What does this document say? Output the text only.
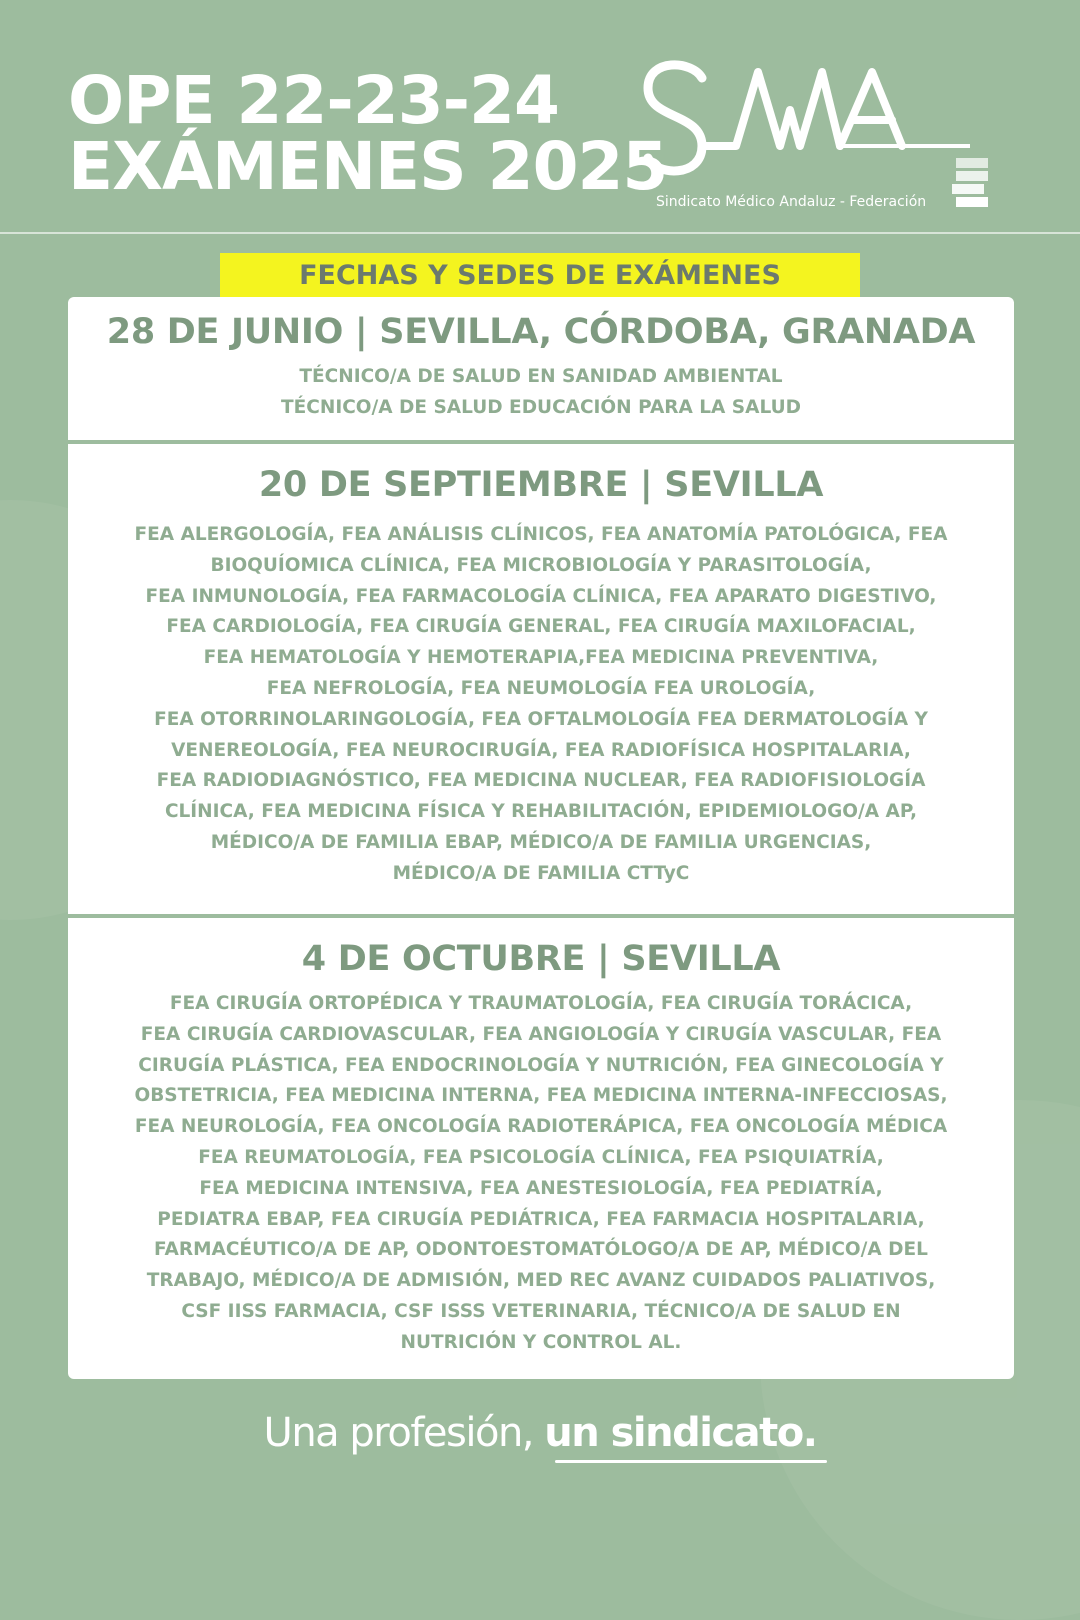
OPE 22-23-24
EXÁMENES 2025
Sindicato Médico Andaluz - Federación
FECHAS Y SEDES DE EXÁMENES
28 DE JUNIO | SEVILLA, CÓRDOBA, GRANADA

TÉCNICO/A DE SALUD EN SANIDAD AMBIENTAL
TÉCNICO/A DE SALUD EDUCACIÓN PARA LA SALUD

20 DE SEPTIEMBRE | SEVILLA

FEA ALERGOLOGÍA, FEA ANÁLISIS CLÍNICOS, FEA ANATOMÍA PATOLÓGICA, FEA
BIOQUÍOMICA CLÍNICA, FEA MICROBIOLOGÍA Y PARASITOLOGÍA,
FEA INMUNOLOGÍA, FEA FARMACOLOGÍA CLÍNICA, FEA APARATO DIGESTIVO,
FEA CARDIOLOGÍA, FEA CIRUGÍA GENERAL, FEA CIRUGÍA MAXILOFACIAL,
FEA HEMATOLOGÍA Y HEMOTERAPIA,FEA MEDICINA PREVENTIVA,
FEA NEFROLOGÍA, FEA NEUMOLOGÍA FEA UROLOGÍA,
FEA OTORRINOLARINGOLOGÍA, FEA OFTALMOLOGÍA FEA DERMATOLOGÍA Y
VENEREOLOGÍA, FEA NEUROCIRUGÍA, FEA RADIOFÍSICA HOSPITALARIA,
FEA RADIODIAGNÓSTICO, FEA MEDICINA NUCLEAR, FEA RADIOFISIOLOGÍA
CLÍNICA, FEA MEDICINA FÍSICA Y REHABILITACIÓN, EPIDEMIOLOGO/A AP,
MÉDICO/A DE FAMILIA EBAP, MÉDICO/A DE FAMILIA URGENCIAS,
MÉDICO/A DE FAMILIA CTTyC

4 DE OCTUBRE | SEVILLA

FEA CIRUGÍA ORTOPÉDICA Y TRAUMATOLOGÍA, FEA CIRUGÍA TORÁCICA,
FEA CIRUGÍA CARDIOVASCULAR, FEA ANGIOLOGÍA Y CIRUGÍA VASCULAR, FEA
CIRUGÍA PLÁSTICA, FEA ENDOCRINOLOGÍA Y NUTRICIÓN, FEA GINECOLOGÍA Y
OBSTETRICIA, FEA MEDICINA INTERNA, FEA MEDICINA INTERNA-INFECCIOSAS,
FEA NEUROLOGÍA, FEA ONCOLOGÍA RADIOTERÁPICA, FEA ONCOLOGÍA MÉDICA
FEA REUMATOLOGÍA, FEA PSICOLOGÍA CLÍNICA, FEA PSIQUIATRÍA,
FEA MEDICINA INTENSIVA, FEA ANESTESIOLOGÍA, FEA PEDIATRÍA,
PEDIATRA EBAP, FEA CIRUGÍA PEDIÁTRICA, FEA FARMACIA HOSPITALARIA,
FARMACÉUTICO/A DE AP, ODONTOESTOMATÓLOGO/A DE AP, MÉDICO/A DEL
TRABAJO, MÉDICO/A DE ADMISIÓN, MED REC AVANZ CUIDADOS PALIATIVOS,
CSF IISS FARMACIA, CSF ISSS VETERINARIA, TÉCNICO/A DE SALUD EN
NUTRICIÓN Y CONTROL AL.

Una profesión, un sindicato.
